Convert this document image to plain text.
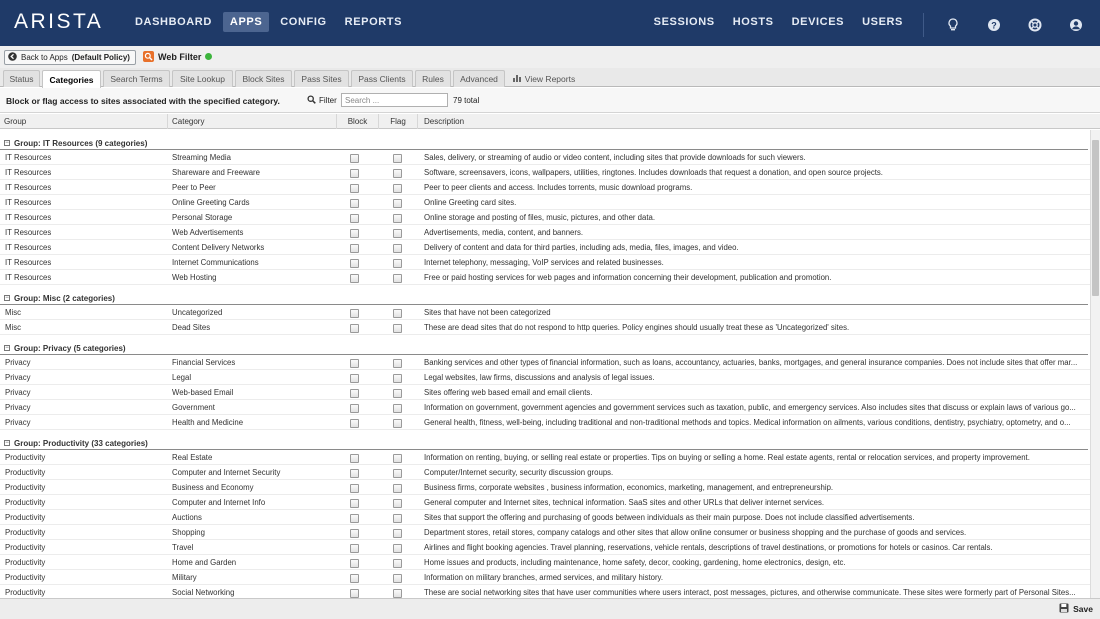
ARISTA	DASHBOARD	APPS	CONFIG	REPORTS	SESSIONS	HOSTS	DEVICES	USERS	?
Back to Apps (Default Policy)	Web Filter
Status	Categories	Search Terms	Site Lookup	Block Sites	Pass Sites	Pass Clients	Rules	Advanced	View Reports
Block or flag access to sites associated with the specified category.	Filter
Search ...	79 total
Group	Category	Block	Flag	Description
− Group: IT Resources (9 categories)
IT Resources	Streaming Media	Sales, delivery, or streaming of audio or video content, including sites that provide downloads for such viewers.
IT Resources	Shareware and Freeware	Software, screensavers, icons, wallpapers, utilities, ringtones. Includes downloads that request a donation, and open source projects.
IT Resources	Peer to Peer	Peer to peer clients and access. Includes torrents, music download programs.
IT Resources	Online Greeting Cards	Online Greeting card sites.
IT Resources	Personal Storage	Online storage and posting of files, music, pictures, and other data.
IT Resources	Web Advertisements	Advertisements, media, content, and banners.
IT Resources	Content Delivery Networks	Delivery of content and data for third parties, including ads, media, files, images, and video.
IT Resources	Internet Communications	Internet telephony, messaging, VoIP services and related businesses.
IT Resources	Web Hosting	Free or paid hosting services for web pages and information concerning their development, publication and promotion.
− Group: Misc (2 categories)
Misc	Uncategorized	Sites that have not been categorized
Misc	Dead Sites	These are dead sites that do not respond to http queries. Policy engines should usually treat these as 'Uncategorized' sites.
− Group: Privacy (5 categories)
Privacy	Financial Services	Banking services and other types of financial information, such as loans, accountancy, actuaries, banks, mortgages, and general insurance companies. Does not include sites that offer mar...
Privacy	Legal	Legal websites, law firms, discussions and analysis of legal issues.
Privacy	Web-based Email	Sites offering web based email and email clients.
Privacy	Government	Information on government, government agencies and government services such as taxation, public, and emergency services. Also includes sites that discuss or explain laws of various go...
Privacy	Health and Medicine	General health, fitness, well-being, including traditional and non-traditional methods and topics. Medical information on ailments, various conditions, dentistry, psychiatry, optometry, and o...
− Group: Productivity (33 categories)
Productivity	Real Estate	Information on renting, buying, or selling real estate or properties. Tips on buying or selling a home. Real estate agents, rental or relocation services, and property improvement.
Productivity	Computer and Internet Security	Computer/Internet security, security discussion groups.
Productivity	Business and Economy	Business firms, corporate websites , business information, economics, marketing, management, and entrepreneurship.
Productivity	Computer and Internet Info	General computer and Internet sites, technical information. SaaS sites and other URLs that deliver internet services.
Productivity	Auctions	Sites that support the offering and purchasing of goods between individuals as their main purpose. Does not include classified advertisements.
Productivity	Shopping	Department stores, retail stores, company catalogs and other sites that allow online consumer or business shopping and the purchase of goods and services.
Productivity	Travel	Airlines and flight booking agencies. Travel planning, reservations, vehicle rentals, descriptions of travel destinations, or promotions for hotels or casinos. Car rentals.
Productivity	Home and Garden	Home issues and products, including maintenance, home safety, decor, cooking, gardening, home electronics, design, etc.
Productivity	Military	Information on military branches, armed services, and military history.
Productivity	Social Networking	These are social networking sites that have user communities where users interact, post messages, pictures, and otherwise communicate. These sites were formerly part of Personal Sites...
Save
